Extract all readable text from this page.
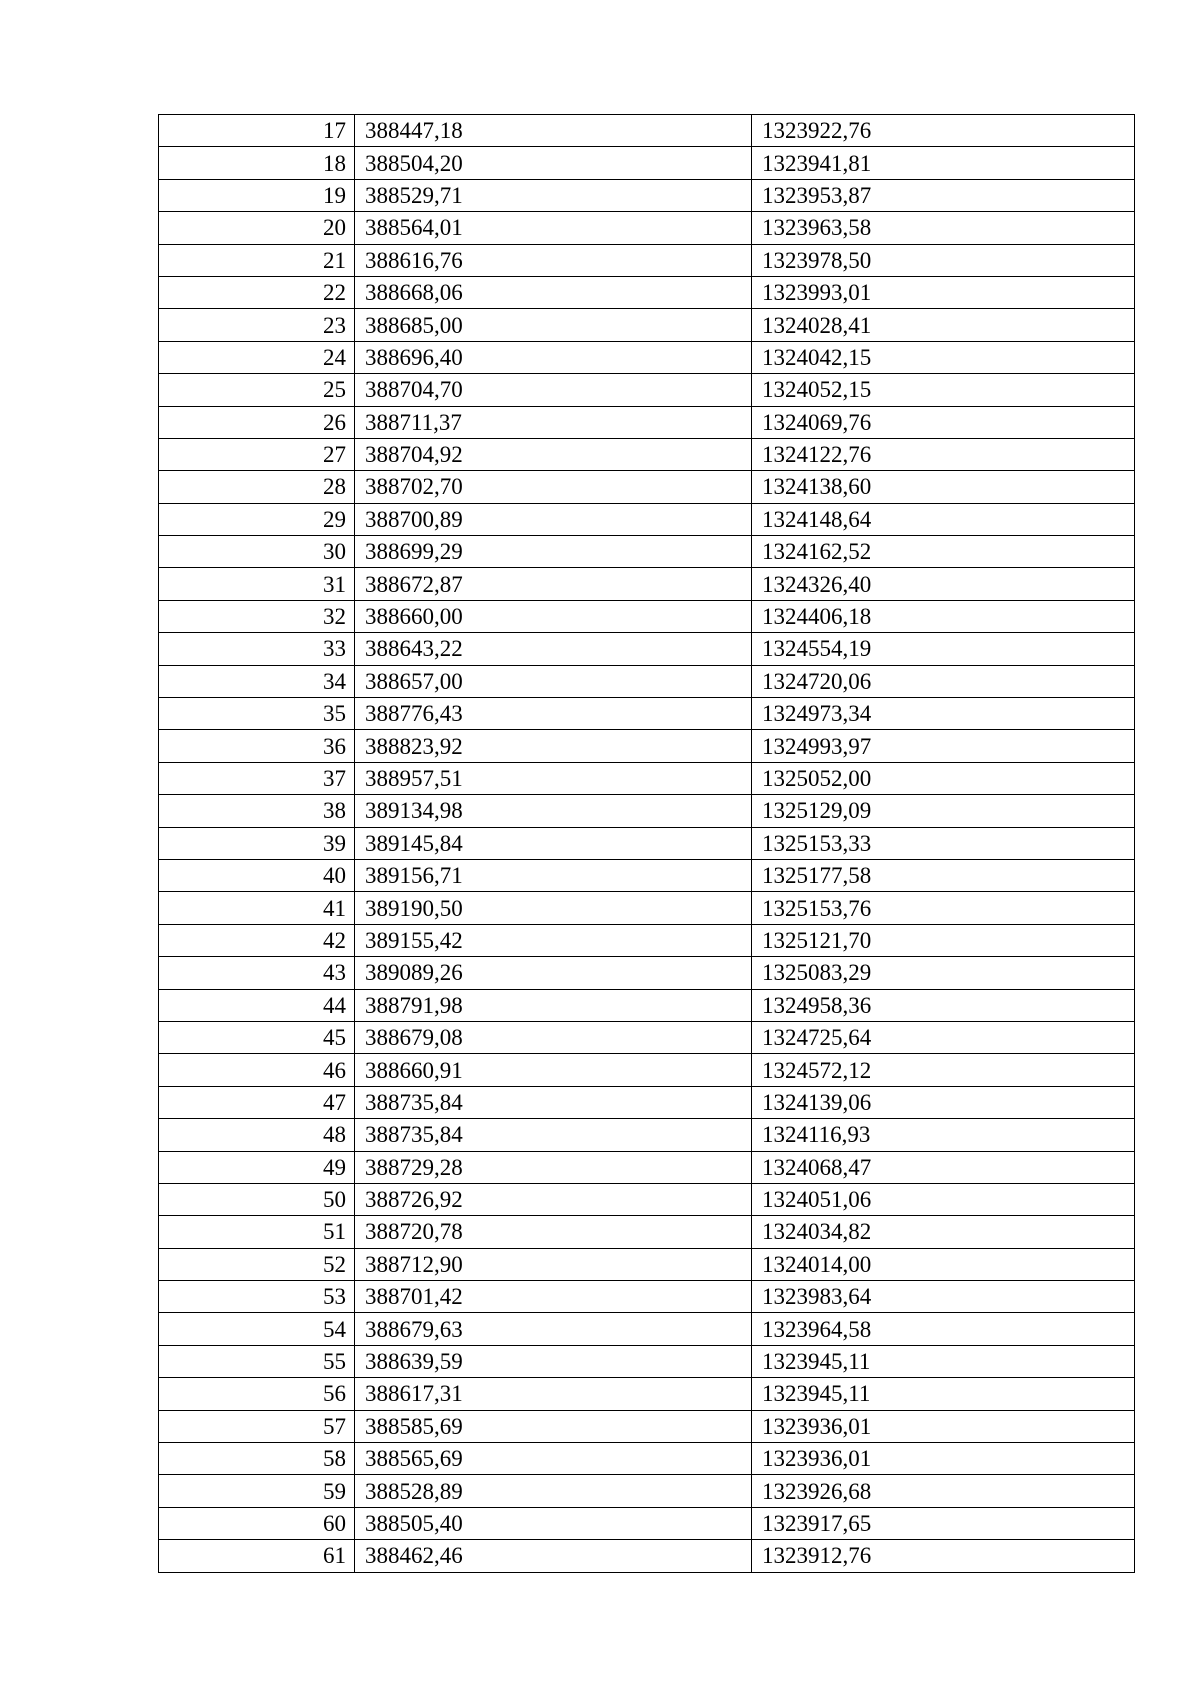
17	388447,18	1323922,76
18	388504,20	1323941,81
19	388529,71	1323953,87
20	388564,01	1323963,58
21	388616,76	1323978,50
22	388668,06	1323993,01
23	388685,00	1324028,41
24	388696,40	1324042,15
25	388704,70	1324052,15
26	388711,37	1324069,76
27	388704,92	1324122,76
28	388702,70	1324138,60
29	388700,89	1324148,64
30	388699,29	1324162,52
31	388672,87	1324326,40
32	388660,00	1324406,18
33	388643,22	1324554,19
34	388657,00	1324720,06
35	388776,43	1324973,34
36	388823,92	1324993,97
37	388957,51	1325052,00
38	389134,98	1325129,09
39	389145,84	1325153,33
40	389156,71	1325177,58
41	389190,50	1325153,76
42	389155,42	1325121,70
43	389089,26	1325083,29
44	388791,98	1324958,36
45	388679,08	1324725,64
46	388660,91	1324572,12
47	388735,84	1324139,06
48	388735,84	1324116,93
49	388729,28	1324068,47
50	388726,92	1324051,06
51	388720,78	1324034,82
52	388712,90	1324014,00
53	388701,42	1323983,64
54	388679,63	1323964,58
55	388639,59	1323945,11
56	388617,31	1323945,11
57	388585,69	1323936,01
58	388565,69	1323936,01
59	388528,89	1323926,68
60	388505,40	1323917,65
61	388462,46	1323912,76
